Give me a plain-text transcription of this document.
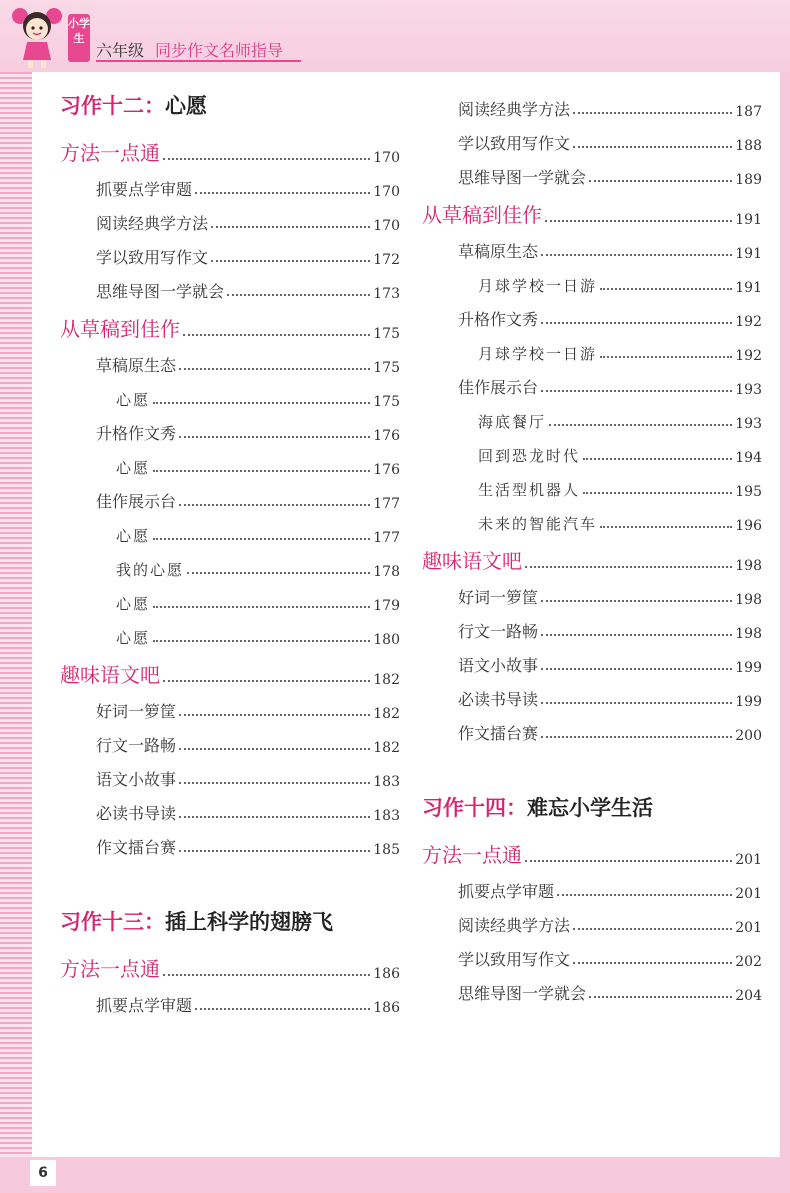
小学生
六年级 同步作文名师指导
习作十二：心愿
方法一点通	170
抓要点学审题	170
阅读经典学方法	170
学以致用写作文	172
思维导图一学就会	173
从草稿到佳作	175
草稿原生态	175
心愿	175
升格作文秀	176
心愿	176
佳作展示台	177
心愿	177
我的心愿	178
心愿	179
心愿	180
趣味语文吧	182
好词一箩筐	182
行文一路畅	182
语文小故事	183
必读书导读	183
作文擂台赛	185
习作十三：插上科学的翅膀飞
方法一点通	186
抓要点学审题	186
阅读经典学方法	187
学以致用写作文	188
思维导图一学就会	189
从草稿到佳作	191
草稿原生态	191
月球学校一日游	191
升格作文秀	192
月球学校一日游	192
佳作展示台	193
海底餐厅	193
回到恐龙时代	194
生活型机器人	195
未来的智能汽车	196
趣味语文吧	198
好词一箩筐	198
行文一路畅	198
语文小故事	199
必读书导读	199
作文擂台赛	200
习作十四：难忘小学生活
方法一点通	201
抓要点学审题	201
阅读经典学方法	201
学以致用写作文	202
思维导图一学就会	204
6
